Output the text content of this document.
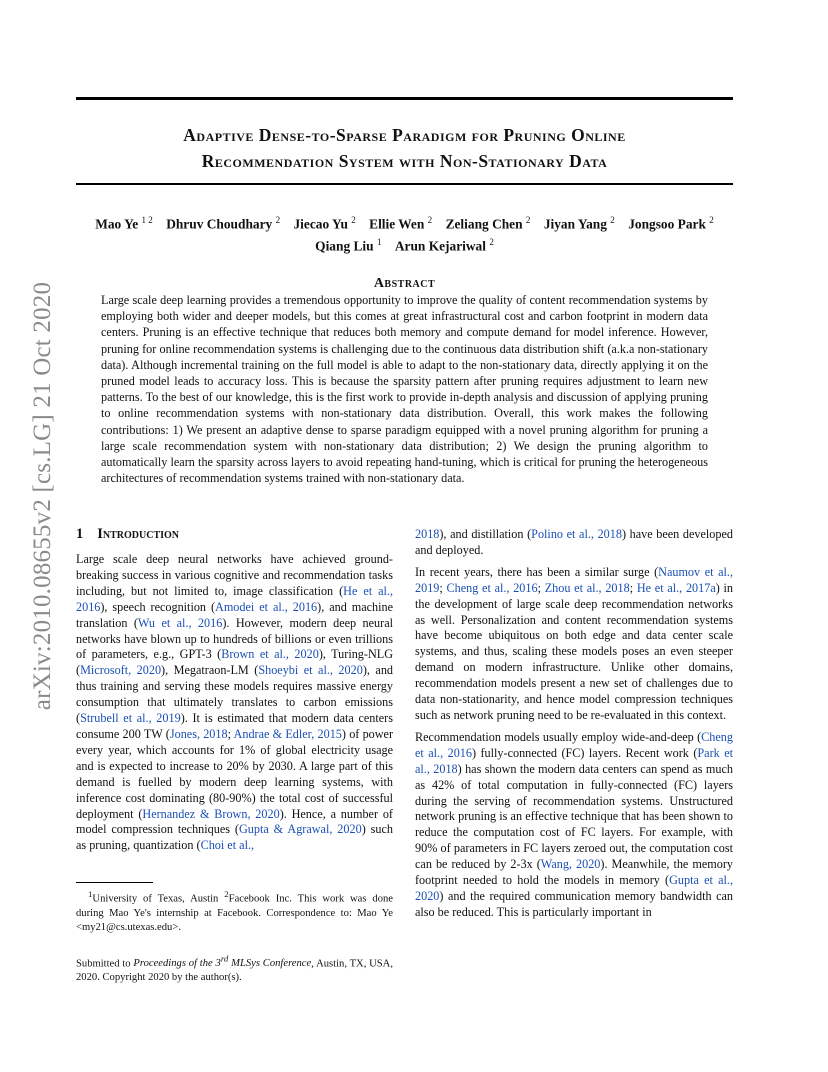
Adaptive Dense-to-Sparse Paradigm for Pruning Online
Recommendation System with Non-Stationary Data
Mao Ye $^{1 2}$  Dhruv Choudhary $^2$  Jiecao Yu $^2$  Ellie Wen $^2$  Zeliang Chen $^2$  Jiyan Yang $^2$  Jongsoo Park $^2$
Qiang Liu $^1$  Arun Kejariwal $^2$
arXiv:2010.08655v2 [cs.LG] 21 Oct 2020	Abstract
Large scale deep learning provides a tremendous opportunity to improve the quality of content recommendation systems by employing both wider and deeper models, but this comes at great infrastructural cost and carbon footprint in modern data centers. Pruning is an effective technique that reduces both memory and compute demand for model inference. However, pruning for online recommendation systems is challenging due to the continuous data distribution shift (a.k.a non-stationary data). Although incremental training on the full model is able to adapt to the non-stationary data, directly applying it on the pruned model leads to accuracy loss. This is because the sparsity pattern after pruning requires adjustment to learn new patterns. To the best of our knowledge, this is the first work to provide in-depth analysis and discussion of applying pruning to online recommendation systems with non-stationary data distribution. Overall, this work makes the following contributions: 1) We present an adaptive dense to sparse paradigm equipped with a novel pruning algorithm for pruning a large scale recommendation system with non-stationary data distribution; 2) We design the pruning algorithm to automatically learn the sparsity across layers to avoid repeating hand-tuning, which is critical for pruning the heterogeneous architectures of recommendation systems trained with non-stationary data.
1 Introduction

Large scale deep neural networks have achieved ground-breaking success in various cognitive and recommendation tasks including, but not limited to, image classification (He et al., 2016), speech recognition (Amodei et al., 2016), and machine translation (Wu et al., 2016). However, modern deep neural networks have blown up to hundreds of billions or even trillions of parameters, e.g., GPT-3 (Brown et al., 2020), Turing-NLG (Microsoft, 2020), Megatraon-LM (Shoeybi et al., 2020), and thus training and serving these models requires massive energy consumption that ultimately translates to carbon emissions (Strubell et al., 2019). It is estimated that modern data centers consume 200 TW (Jones, 2018; Andrae & Edler, 2015) of power every year, which accounts for 1% of global electricity usage and is expected to increase to 20% by 2030. A large part of this demand is fuelled by modern deep learning systems, with inference cost dominating (80-90%) the total cost of successful deployment (Hernandez & Brown, 2020). Hence, a number of model compression techniques (Gupta & Agrawal, 2020) such as pruning, quantization (Choi et al.,

2018), and distillation (Polino et al., 2018) have been developed and deployed.

In recent years, there has been a similar surge (Naumov et al., 2019; Cheng et al., 2016; Zhou et al., 2018; He et al., 2017a) in the development of large scale deep recommendation networks as well. Personalization and content recommendation systems have become ubiquitous on both edge and data center scale systems, and thus, scaling these models poses an even steeper demand on modern infrastructure. Unlike other domains, recommendation models present a new set of challenges due to data non-stationarity, and hence model compression techniques such as network pruning need to be re-evaluated in this context.

Recommendation models usually employ wide-and-deep (Cheng et al., 2016) fully-connected (FC) layers. Recent work (Park et al., 2018) has shown the modern data centers can spend as much as 42% of total computation in fully-connected (FC) layers during the serving of recommendation systems. Unstructured network pruning is an effective technique that has been shown to reduce the computation cost of FC layers. For example, with 90% of parameters in FC layers zeroed out, the computation cost can be reduced by 2-3x (Wang, 2020). Meanwhile, the memory footprint needed to hold the models in memory (Gupta et al., 2020) and the required communication memory bandwidth can also be reduced. This is particularly important in

$^1$University of Texas, Austin $^2$Facebook Inc. This work was done during Mao Ye's internship at Facebook. Correspondence to: Mao Ye <my21@cs.utexas.edu>.

Submitted to Proceedings of the 3rd MLSys Conference, Austin, TX, USA, 2020. Copyright 2020 by the author(s).
